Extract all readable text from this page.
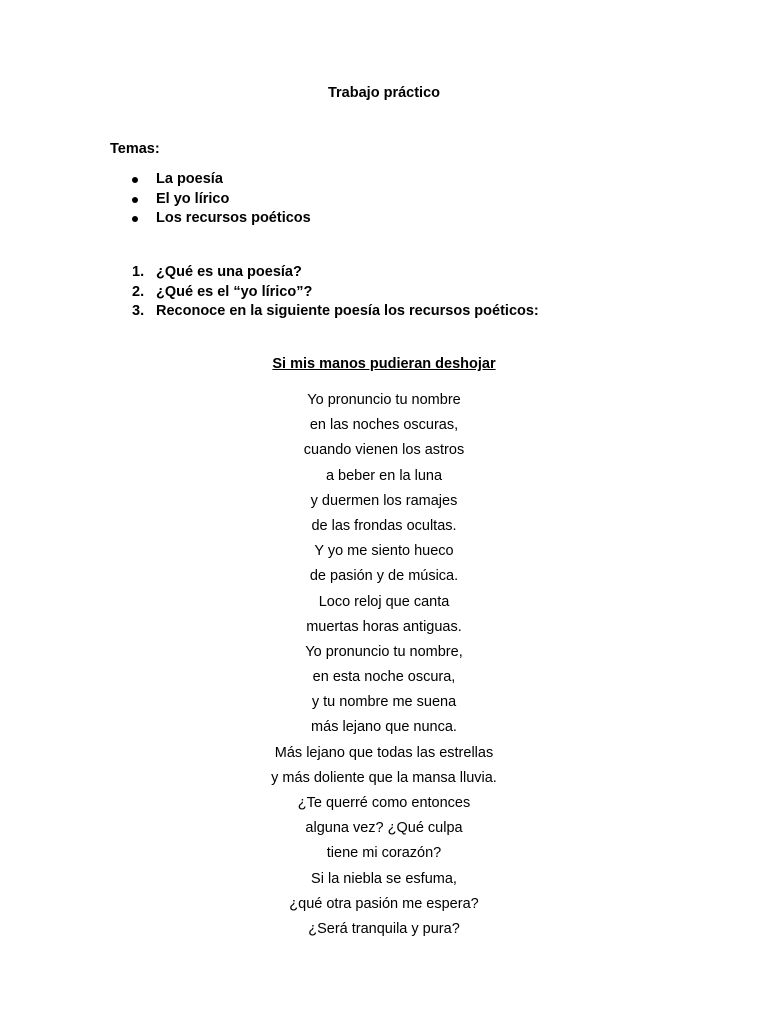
Trabajo práctico
Temas:
La poesía
El yo lírico
Los recursos poéticos
1. ¿Qué es una poesía?
2. ¿Qué es el “yo lírico”?
3. Reconoce en la siguiente poesía los recursos poéticos:
Si mis manos pudieran deshojar
Yo pronuncio tu nombre
en las noches oscuras,
cuando vienen los astros
a beber en la luna
y duermen los ramajes
de las frondas ocultas.
Y yo me siento hueco
de pasión y de música.
Loco reloj que canta
muertas horas antiguas.
Yo pronuncio tu nombre,
en esta noche oscura,
y tu nombre me suena
más lejano que nunca.
Más lejano que todas las estrellas
y más doliente que la mansa lluvia.
¿Te querré como entonces
alguna vez? ¿Qué culpa
tiene mi corazón?
Si la niebla se esfuma,
¿qué otra pasión me espera?
¿Será tranquila y pura?
